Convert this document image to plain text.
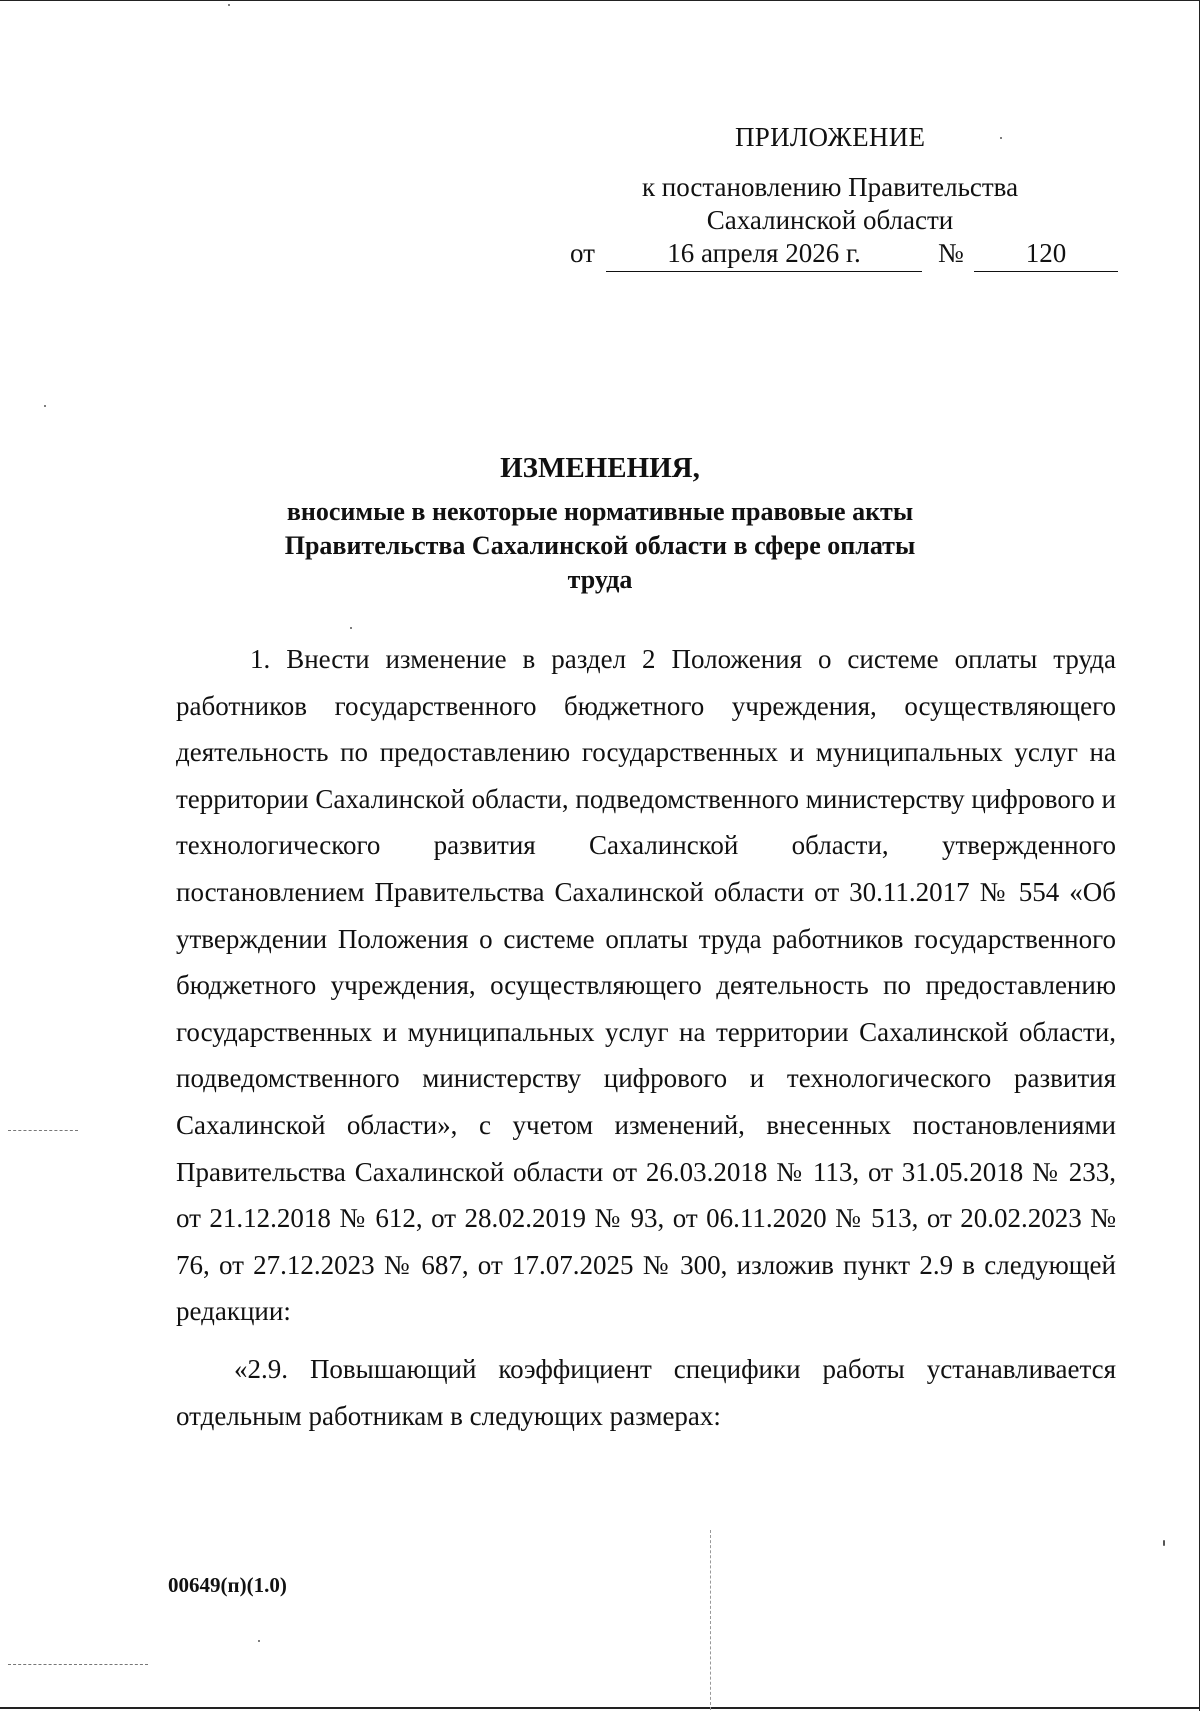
ПРИЛОЖЕНИЕ
к постановлению Правительства
Сахалинской области
от	16 апреля 2026 г.	№	120
ИЗМЕНЕНИЯ,
вносимые в некоторые нормативные правовые акты Правительства Сахалинской области в сфере оплаты труда
1. Внести изменение в раздел 2 Положения о системе оплаты труда работников государственного бюджетного учреждения, осуществляющего деятельность по предоставлению государственных и муниципальных услуг на территории Сахалинской области, подведомственного министерству цифрового и технологического развития Сахалинской области, утвержденного постановлением Правительства Сахалинской области от 30.11.2017 № 554 «Об утверждении Положения о системе оплаты труда работников государственного бюджетного учреждения, осуществляющего деятельность по предоставлению государственных и муниципальных услуг на территории Сахалинской области, подведомственного министерству цифрового и технологического развития Сахалинской области», с учетом изменений, внесенных постановлениями Правительства Сахалинской области от 26.03.2018 № 113, от 31.05.2018 № 233, от 21.12.2018 № 612, от 28.02.2019 № 93, от 06.11.2020 № 513, от 20.02.2023 № 76, от 27.12.2023 № 687, от 17.07.2025 № 300, изложив пункт 2.9 в следующей редакции:
«2.9. Повышающий коэффициент специфики работы устанавливается отдельным работникам в следующих размерах:
00649(п)(1.0)
